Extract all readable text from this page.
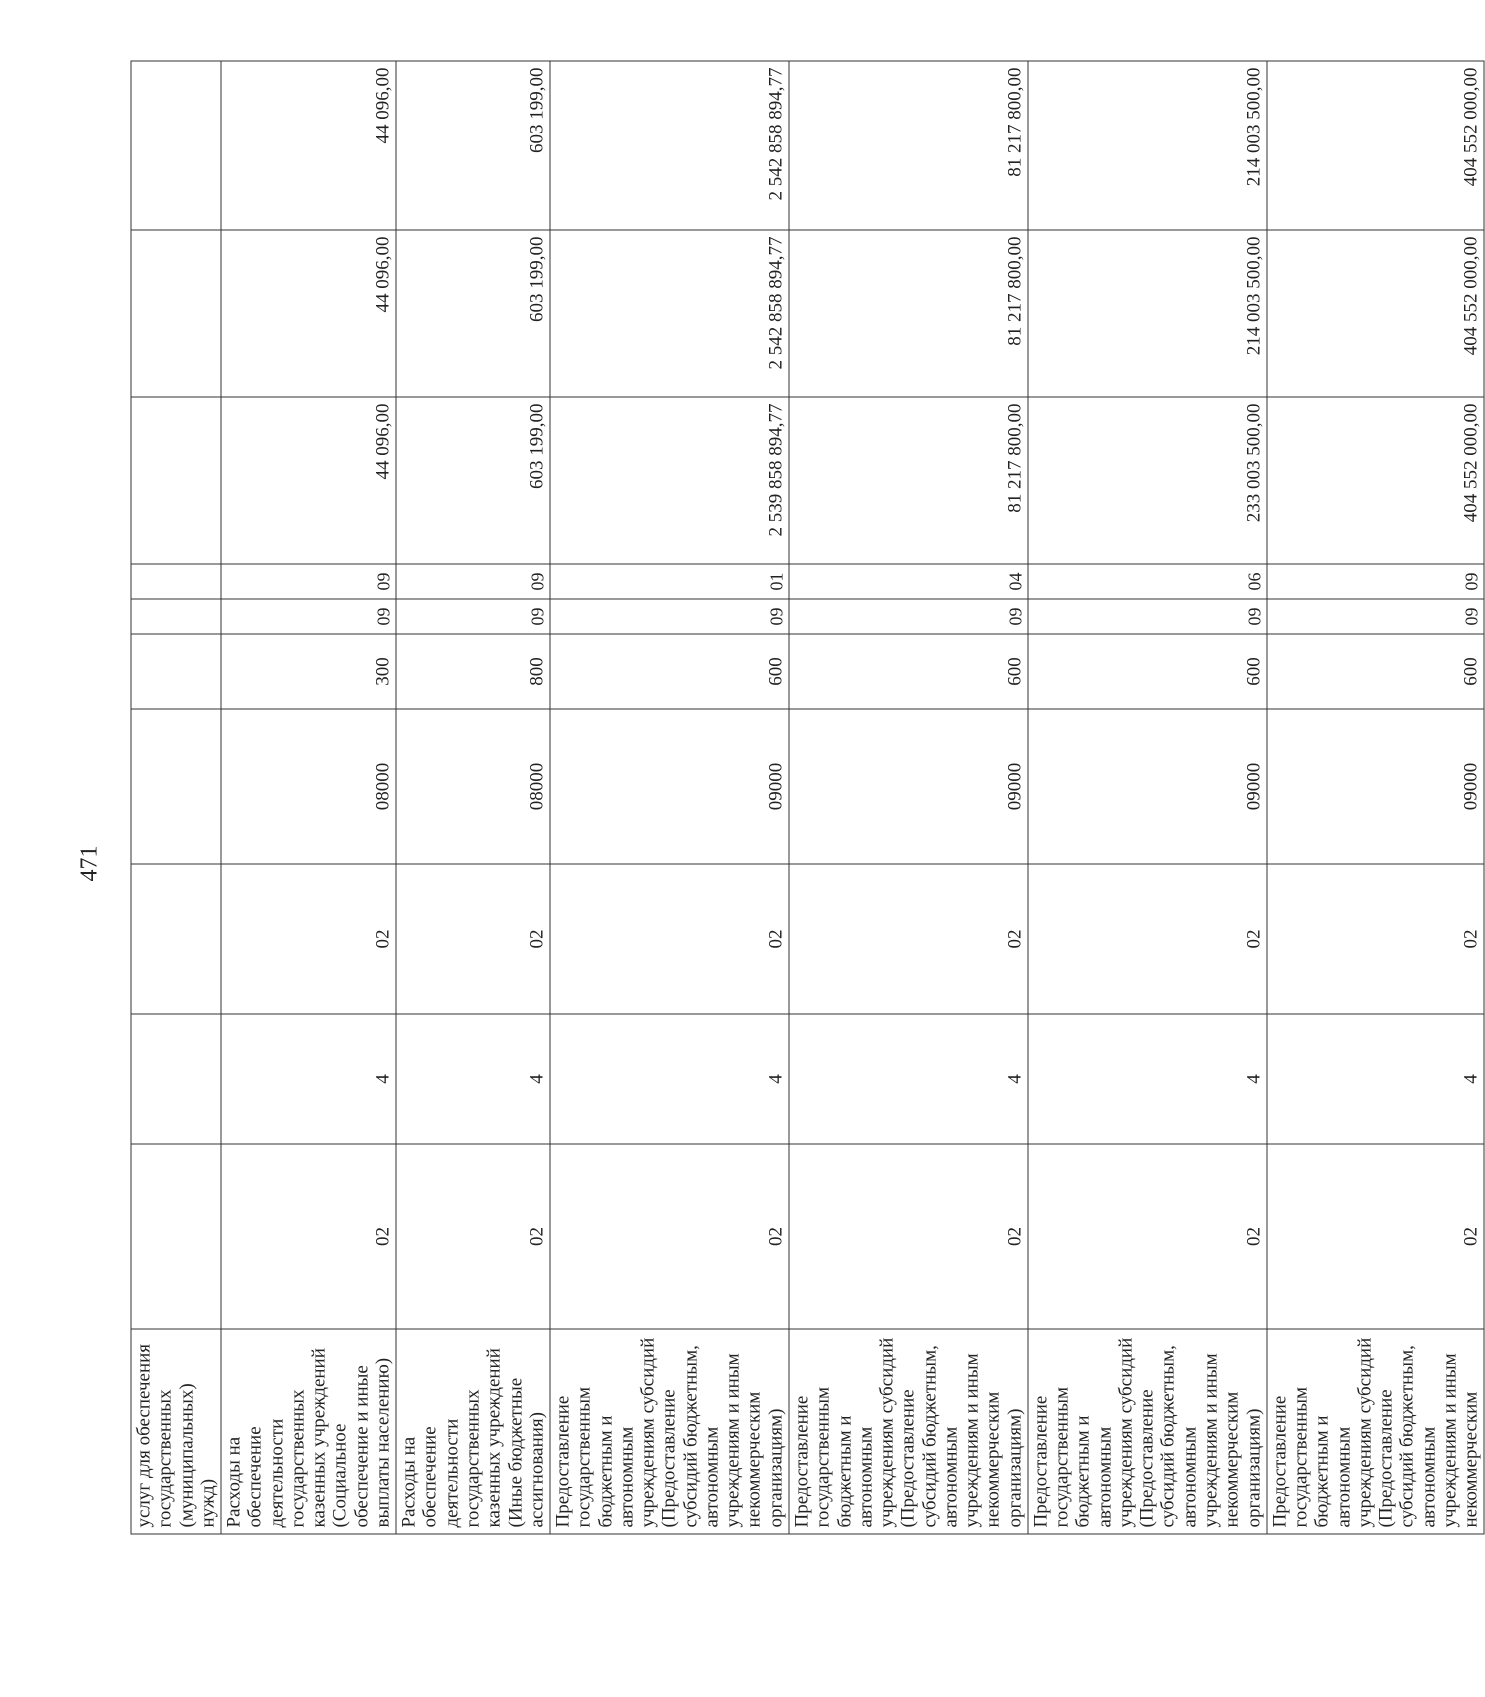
471
услуг для обеспечения государственных (муниципальных) нужд)										
Расходы на обеспечение деятельности государственных казенных учреждений (Социальное обеспечение и иные выплаты населению)	02	4	02	08000	300	09	09	44 096,00	44 096,00	44 096,00
Расходы на обеспечение деятельности государственных казенных учреждений (Иные бюджетные ассигнования)	02	4	02	08000	800	09	09	603 199,00	603 199,00	603 199,00
Предоставление государственным бюджетным и автономным учреждениям субсидий (Предоставление субсидий бюджетным, автономным учреждениям и иным некоммерческим организациям)	02	4	02	09000	600	09	01	2 539 858 894,77	2 542 858 894,77	2 542 858 894,77
Предоставление государственным бюджетным и автономным учреждениям субсидий (Предоставление субсидий бюджетным, автономным учреждениям и иным некоммерческим организациям)	02	4	02	09000	600	09	04	81 217 800,00	81 217 800,00	81 217 800,00
Предоставление государственным бюджетным и автономным учреждениям субсидий (Предоставление субсидий бюджетным, автономным учреждениям и иным некоммерческим организациям)	02	4	02	09000	600	09	06	233 003 500,00	214 003 500,00	214 003 500,00
Предоставление государственным бюджетным и автономным учреждениям субсидий (Предоставление субсидий бюджетным, автономным учреждениям и иным некоммерческим	02	4	02	09000	600	09	09	404 552 000,00	404 552 000,00	404 552 000,00
